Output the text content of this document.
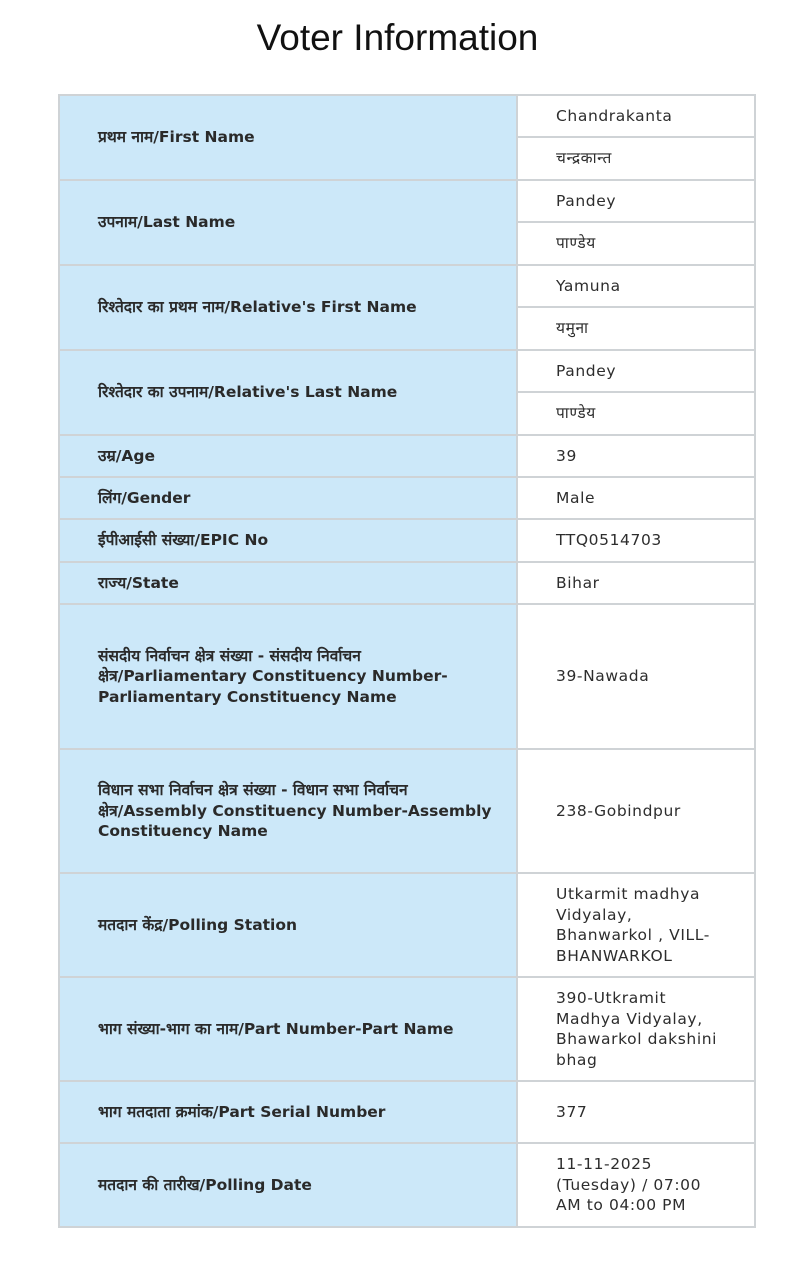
Voter Information
प्रथम नाम/First Name	Chandrakanta
	चन्द्रकान्त
उपनाम/Last Name	Pandey
	पाण्डेय
रिश्तेदार का प्रथम नाम/Relative's First Name	Yamuna
	यमुना
रिश्तेदार का उपनाम/Relative's Last Name	Pandey
	पाण्डेय
उम्र/Age	39
लिंग/Gender	Male
ईपीआईसी संख्या/EPIC No	TTQ0514703
राज्य/State	Bihar
संसदीय निर्वाचन क्षेत्र संख्या - संसदीय निर्वाचन क्षेत्र/Parliamentary Constituency Number-Parliamentary Constituency Name	39-Nawada
विधान सभा निर्वाचन क्षेत्र संख्या - विधान सभा निर्वाचन क्षेत्र/Assembly Constituency Number-Assembly Constituency Name	238-Gobindpur
मतदान केंद्र/Polling Station	Utkarmit madhya Vidyalay, Bhanwarkol , VILL-BHANWARKOL
भाग संख्या-भाग का नाम/Part Number-Part Name	390-Utkramit Madhya Vidyalay, Bhawarkol dakshini bhag
भाग मतदाता क्रमांक/Part Serial Number	377
मतदान की तारीख/Polling Date	11-11-2025 (Tuesday) / 07:00 AM to 04:00 PM
